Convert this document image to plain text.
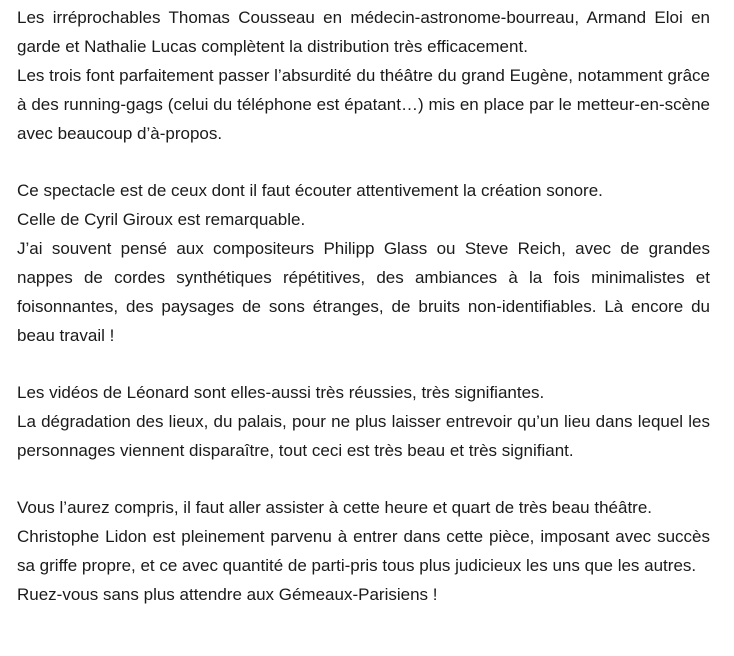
Les irréprochables Thomas Cousseau en médecin-astronome-bourreau, Armand Eloi en garde et Nathalie Lucas complètent la distribution très efficacement.
Les trois font parfaitement passer l’absurdité du théâtre du grand Eugène, notamment grâce à des running-gags (celui du téléphone est épatant…) mis en place par le metteur-en-scène avec beaucoup d’à-propos.

Ce spectacle est de ceux dont il faut écouter attentivement la création sonore.
Celle de Cyril Giroux est remarquable.
J’ai souvent pensé aux compositeurs Philipp Glass ou Steve Reich, avec de grandes nappes de cordes synthétiques répétitives, des ambiances à la fois minimalistes et foisonnantes, des paysages de sons étranges, de bruits non-identifiables. Là encore du beau travail !

Les vidéos de Léonard sont elles-aussi très réussies, très signifiantes.
La dégradation des lieux, du palais, pour ne plus laisser entrevoir qu’un lieu dans lequel les personnages viennent disparaître, tout ceci est très beau et très signifiant.

Vous l’aurez compris, il faut aller assister à cette heure et quart de très beau théâtre.
Christophe Lidon est pleinement parvenu à entrer dans cette pièce, imposant avec succès sa griffe propre, et ce avec quantité de parti-pris tous plus judicieux les uns que les autres.
Ruez-vous sans plus attendre aux Gémeaux-Parisiens !
